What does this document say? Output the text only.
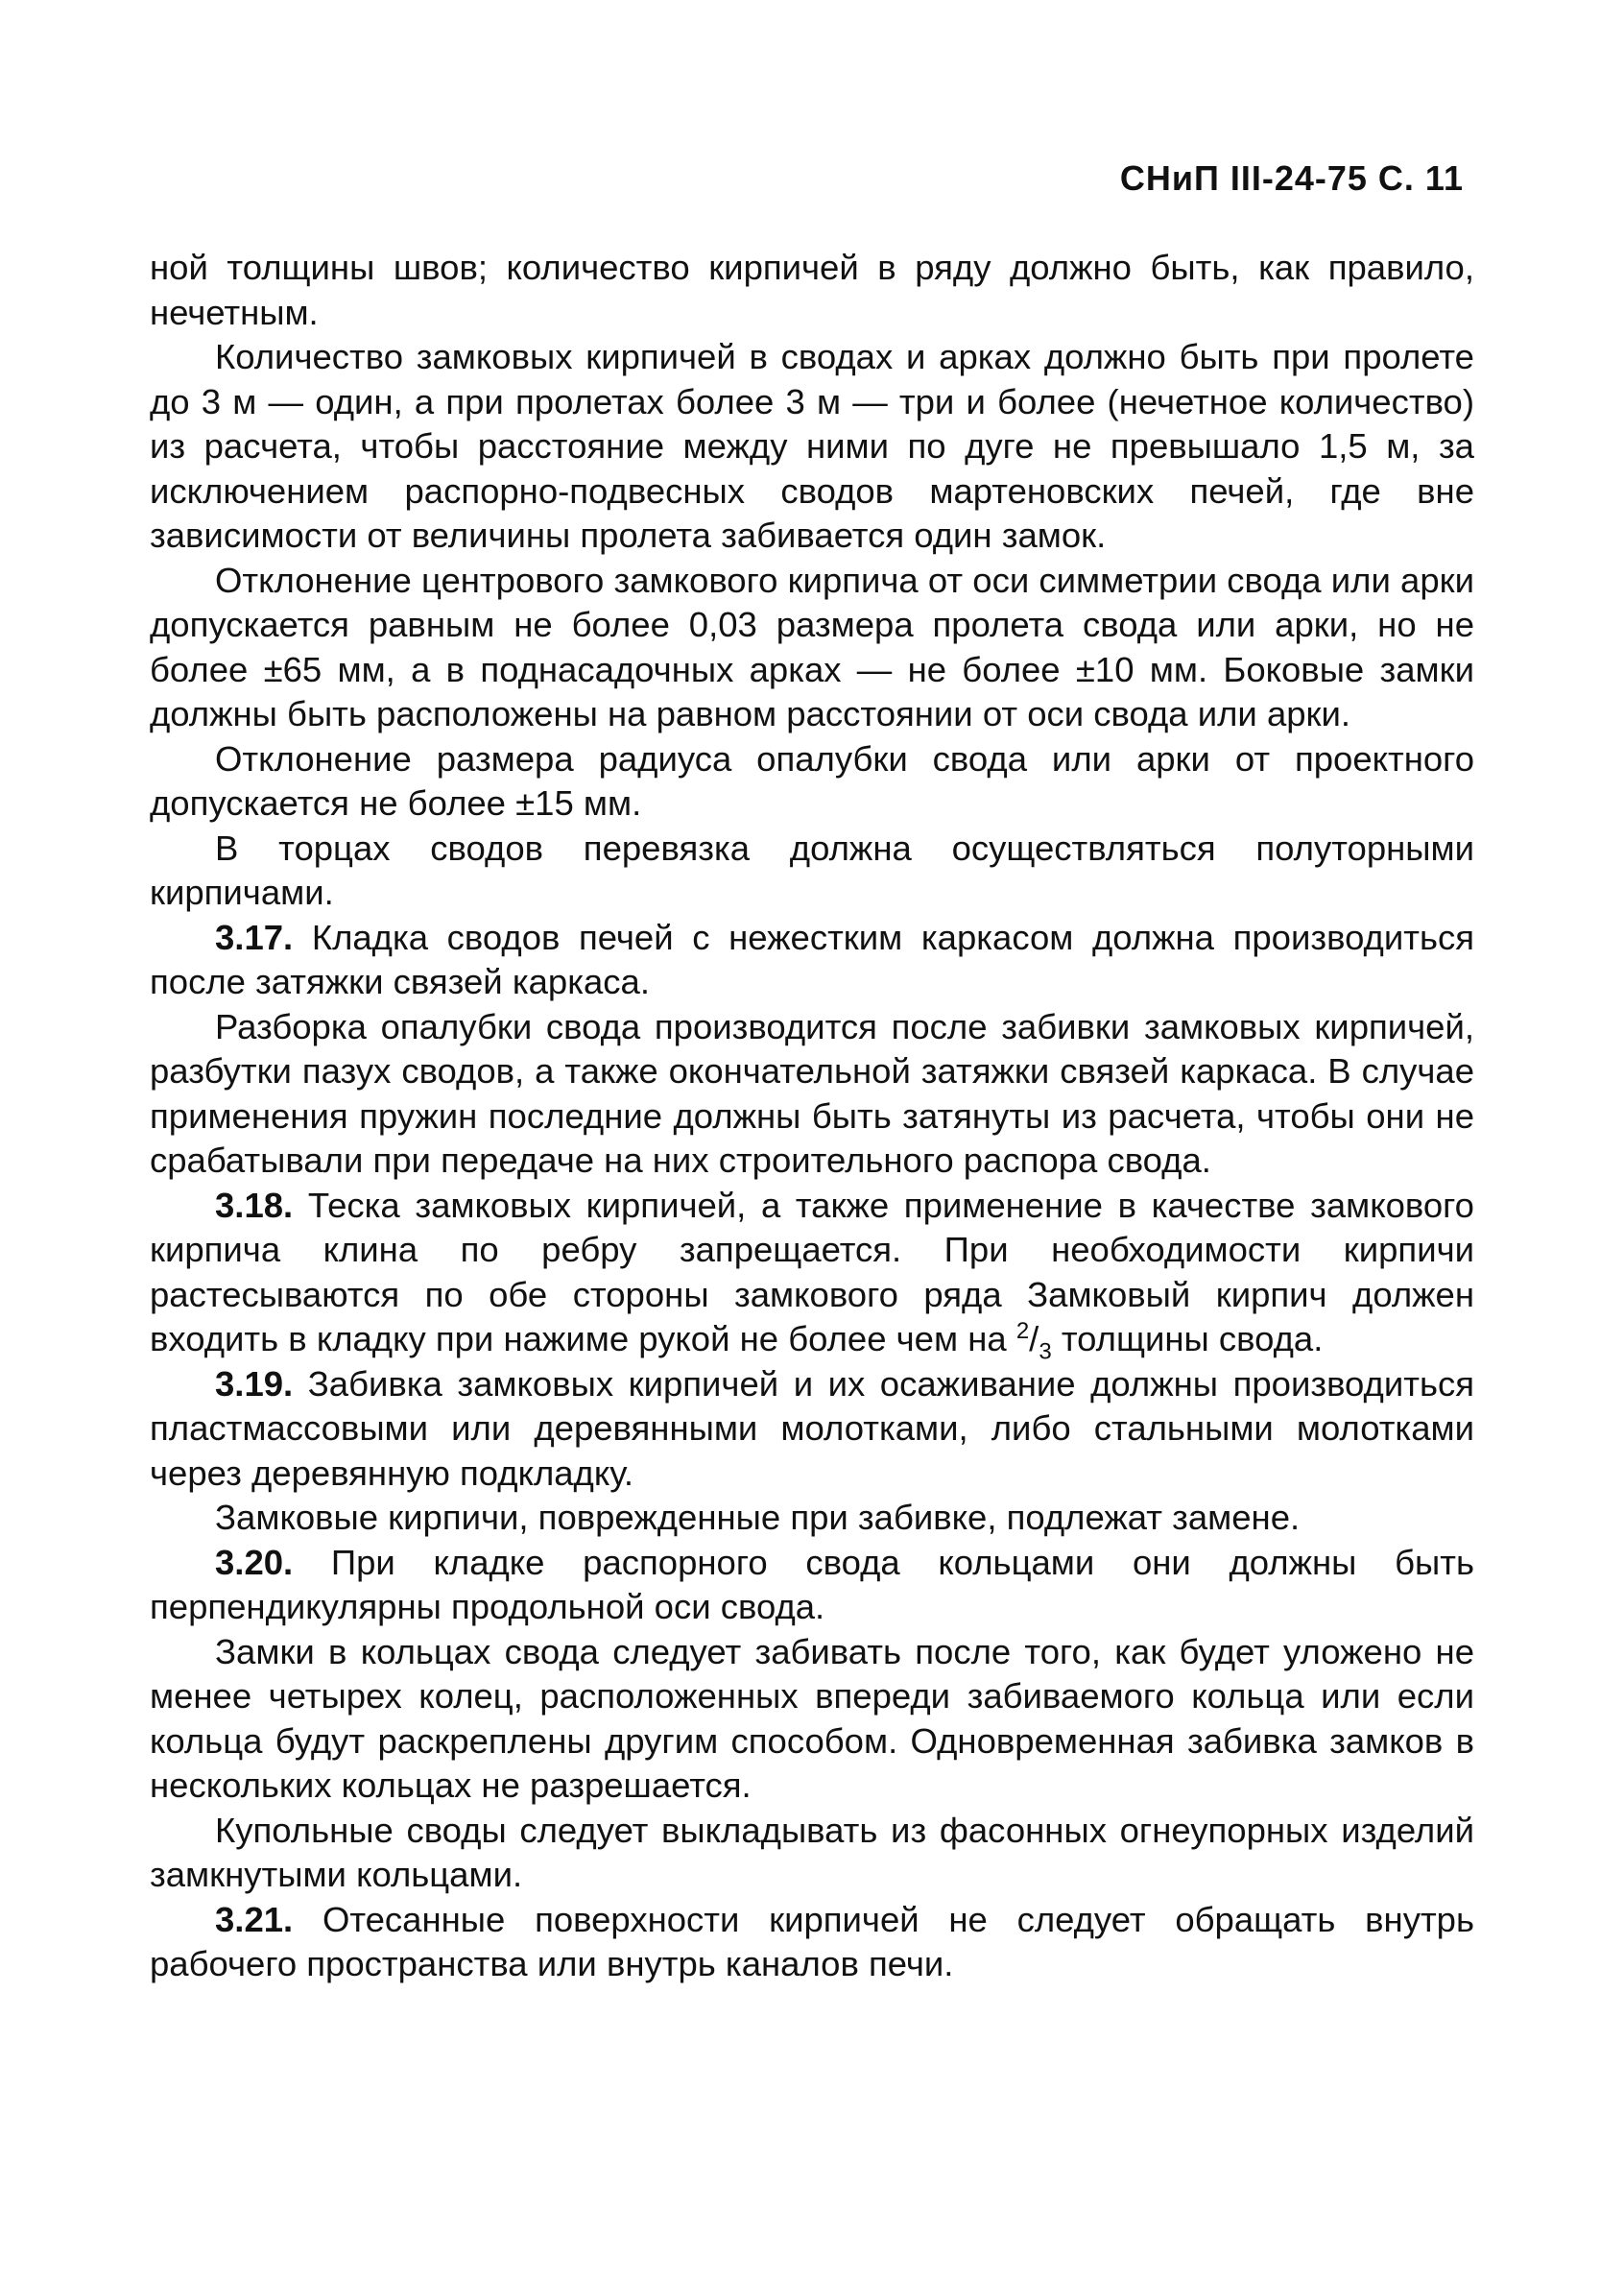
СНиП III-24-75 С. 11

ной толщины швов; количество кирпичей в ряду должно быть, как правило, нечетным.

Количество замковых кирпичей в сводах и арках должно быть при пролете до 3 м — один, а при пролетах более 3 м — три и более (нечетное количество) из расчета, чтобы расстояние между ними по дуге не превышало 1,5 м, за исключением распорно-подвесных сводов мартеновских печей, где вне зависимости от величины пролета забивается один замок.

Отклонение центрового замкового кирпича от оси симметрии свода или арки допускается равным не более 0,03 размера пролета свода или арки, но не более ±65 мм, а в поднасадочных арках — не более ±10 мм. Боковые замки должны быть расположены на равном расстоянии от оси свода или арки.

Отклонение размера радиуса опалубки свода или арки от проектного допускается не более ±15 мм.

В торцах сводов перевязка должна осуществляться полуторными кирпичами.

3.17. Кладка сводов печей с нежестким каркасом должна производиться после затяжки связей каркаса.

Разборка опалубки свода производится после забивки замковых кирпичей, разбутки пазух сводов, а также окончательной затяжки связей каркаса. В случае применения пружин последние должны быть затянуты из расчета, чтобы они не срабатывали при передаче на них строительного распора свода.

3.18. Теска замковых кирпичей, а также применение в качестве замкового кирпича клина по ребру запрещается. При необходимости кирпичи растесываются по обе стороны замкового ряда Замковый кирпич должен входить в кладку при нажиме рукой не более чем на $^2/_3$ толщины свода.

3.19. Забивка замковых кирпичей и их осаживание должны производиться пластмассовыми или деревянными молотками, либо стальными молотками через деревянную подкладку.

Замковые кирпичи, поврежденные при забивке, подлежат замене.

3.20. При кладке распорного свода кольцами они должны быть перпендикулярны продольной оси свода.

Замки в кольцах свода следует забивать после того, как будет уложено не менее четырех колец, расположенных впереди забиваемого кольца или если кольца будут раскреплены другим способом. Одновременная забивка замков в нескольких кольцах не разрешается.

Купольные своды следует выкладывать из фасонных огнеупорных изделий замкнутыми кольцами.

3.21. Отесанные поверхности кирпичей не следует обращать внутрь рабочего пространства или внутрь каналов печи.
